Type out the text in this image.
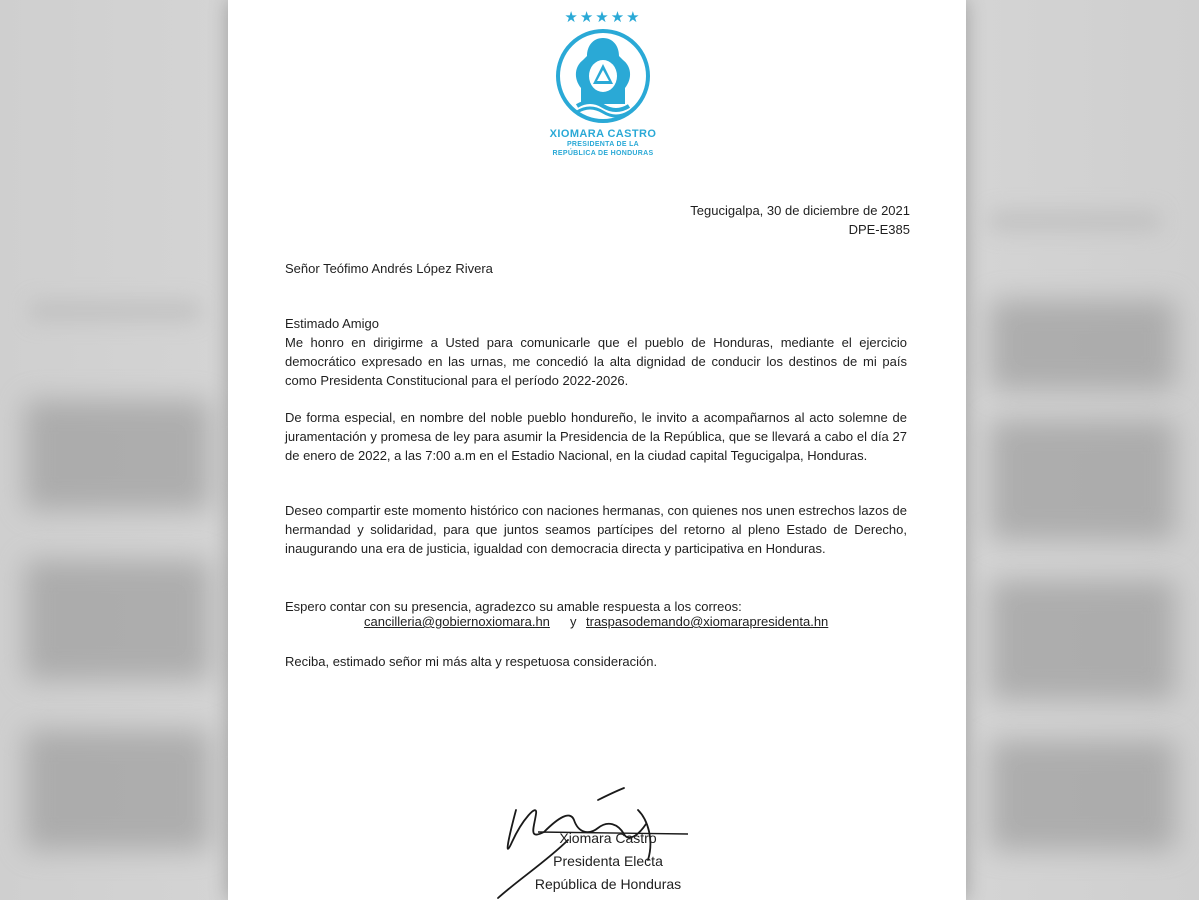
★★★★★
XIOMARA CASTRO
PRESIDENTA DE LA
REPÚBLICA DE HONDURAS
Tegucigalpa, 30 de diciembre de 2021
DPE-E385
Señor Teófimo Andrés López Rivera
Estimado Amigo
Me honro en dirigirme a Usted para comunicarle que el pueblo de Honduras, mediante el ejercicio democrático expresado en las urnas, me concedió la alta dignidad de conducir los destinos de mi país como Presidenta Constitucional para el período 2022-2026.
De forma especial, en nombre del noble pueblo hondureño, le invito a acompañarnos al acto solemne de juramentación y promesa de ley para asumir la Presidencia de la República, que se llevará a cabo el día 27 de enero de 2022, a las 7:00 a.m en el Estadio Nacional, en la ciudad capital Tegucigalpa, Honduras.
Deseo compartir este momento histórico con naciones hermanas, con quienes nos unen estrechos lazos de hermandad y solidaridad, para que juntos seamos partícipes del retorno al pleno Estado de Derecho, inaugurando una era de justicia, igualdad con democracia directa y participativa en Honduras.
Espero contar con su presencia, agradezco su amable respuesta a los correos:
cancilleria@gobiernoxiomara.hn y traspasodemando@xiomarapresidenta.hn
Reciba, estimado señor mi más alta y respetuosa consideración.
Xiomara Castro
Presidenta Electa
República de Honduras
